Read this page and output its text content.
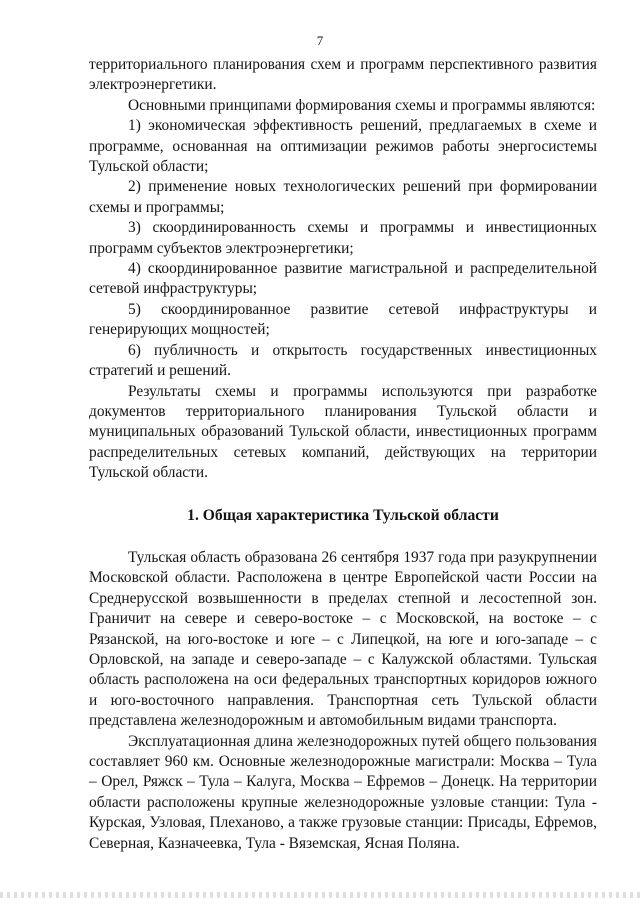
7

территориального планирования схем и программ перспективного развития электроэнергетики.

Основными принципами формирования схемы и программы являются:

1) экономическая эффективность решений, предлагаемых в схеме и программе, основанная на оптимизации режимов работы энергосистемы Тульской области;

2) применение новых технологических решений при формировании схемы и программы;

3) скоординированность схемы и программы и инвестиционных программ субъектов электроэнергетики;

4) скоординированное развитие магистральной и распределительной сетевой инфраструктуры;

5) скоординированное развитие сетевой инфраструктуры и генерирующих мощностей;

6) публичность и открытость государственных инвестиционных стратегий и решений.

Результаты схемы и программы используются при разработке документов территориального планирования Тульской области и муниципальных образований Тульской области, инвестиционных программ распределительных сетевых компаний, действующих на территории Тульской области.

1. Общая характеристика Тульской области

Тульская область образована 26 сентября 1937 года при разукрупнении Московской области. Расположена в центре Европейской части России на Среднерусской возвышенности в пределах степной и лесостепной зон. Граничит на севере и северо-востоке – с Московской, на востоке – с Рязанской, на юго-востоке и юге – с Липецкой, на юге и юго-западе – с Орловской, на западе и северо-западе – с Калужской областями. Тульская область расположена на оси федеральных транспортных коридоров южного и юго-восточного направления. Транспортная сеть Тульской области представлена железнодорожным и автомобильным видами транспорта.

Эксплуатационная длина железнодорожных путей общего пользования составляет 960 км. Основные железнодорожные магистрали: Москва – Тула – Орел, Ряжск – Тула – Калуга, Москва – Ефремов – Донецк. На территории области расположены крупные железнодорожные узловые станции: Тула - Курская, Узловая, Плехановo, а также грузовые станции: Присады, Ефремов, Северная, Казначеевка, Тула - Вяземская, Ясная Поляна.
